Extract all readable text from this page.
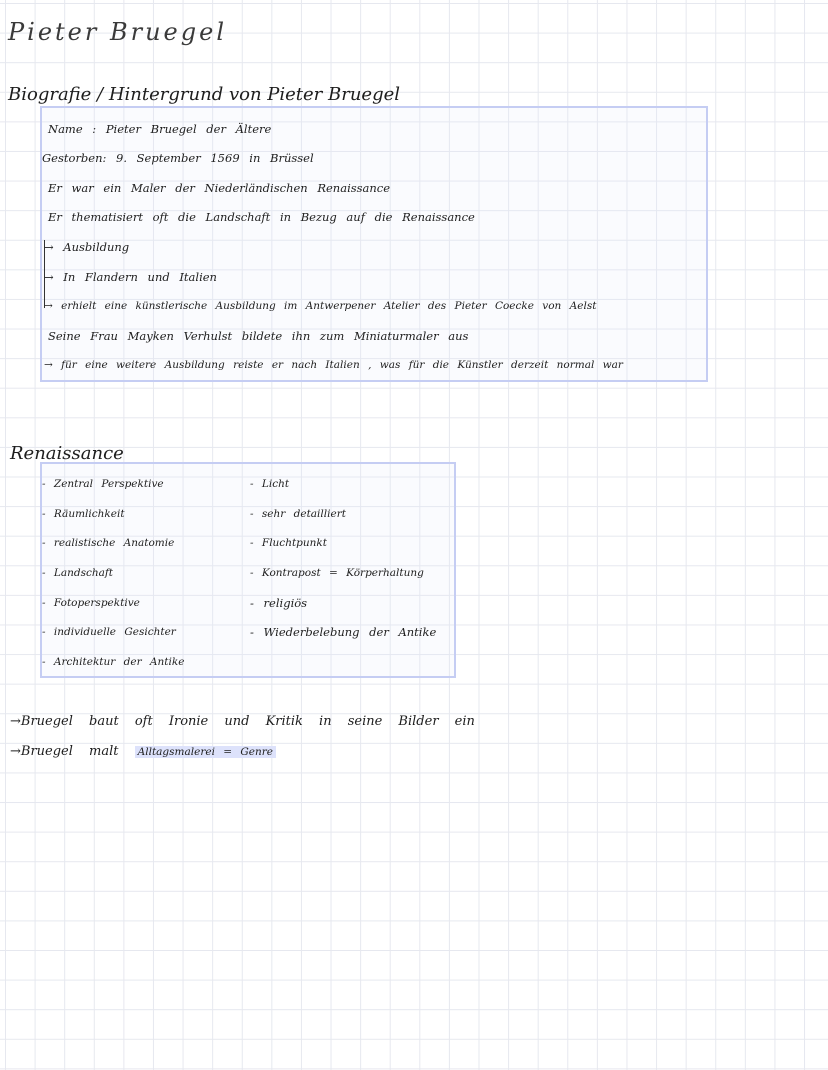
Pieter Bruegel
Biografie / Hintergrund von Pieter Bruegel
Name : Pieter Bruegel der Ältere
Gestorben: 9. September 1569 in Brüssel
Er war ein Maler der Niederländischen Renaissance
Er thematisiert oft die Landschaft in Bezug auf die Renaissance
→ Ausbildung
→ In Flandern und Italien
→ erhielt eine künstlerische Ausbildung im Antwerpener Atelier des Pieter Coecke von Aelst
Seine Frau Mayken Verhulst bildete ihn zum Miniaturmaler aus
→ für eine weitere Ausbildung reiste er nach Italien , was für die Künstler derzeit normal war
Renaissance
- Zentral Perspektive
- Räumlichkeit
- realistische Anatomie
- Landschaft
- Fotoperspektive
- individuelle Gesichter
- Architektur der Antike
- Licht
- sehr detailliert
- Fluchtpunkt
- Kontrapost = Körperhaltung
- religiös
- Wiederbelebung der Antike
→Bruegel baut oft Ironie und Kritik in seine Bilder ein
→Bruegel malt Alltagsmalerei = Genre
